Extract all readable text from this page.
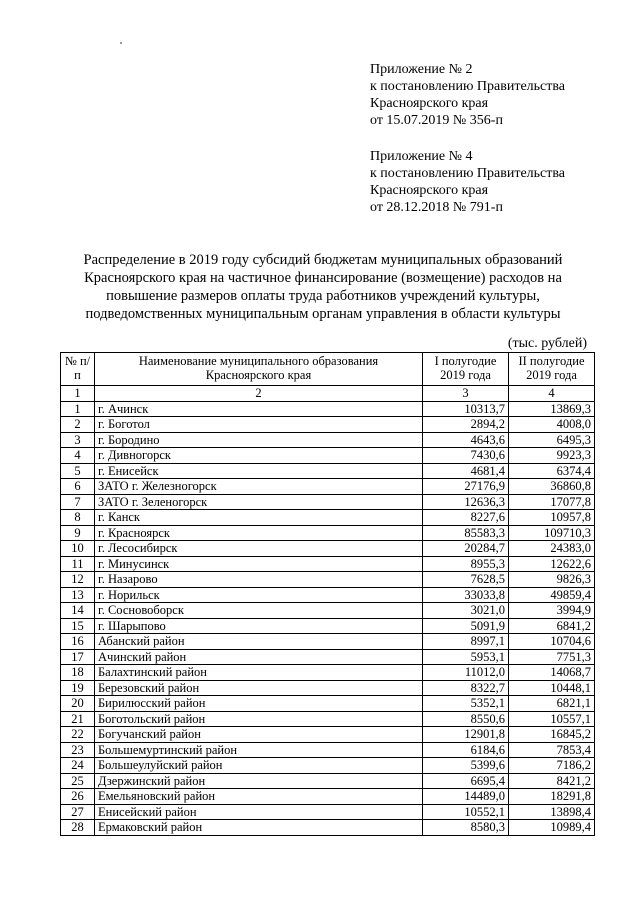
Приложение № 2
к постановлению Правительства
Красноярского края
от 15.07.2019 № 356-п
Приложение № 4
к постановлению Правительства
Красноярского края
от 28.12.2018 № 791-п
Распределение в 2019 году субсидий бюджетам муниципальных образований
Красноярского края на частичное финансирование (возмещение) расходов на
повышение размеров оплаты труда работников учреждений культуры,
подведомственных муниципальным органам управления в области культуры
(тыс. рублей)
№ п/п	Наименование муниципального образования Красноярского края	I полугодие 2019 года	II полугодие 2019 года
1	2	3	4
1	г. Ачинск	10313,7	13869,3
2	г. Боготол	2894,2	4008,0
3	г. Бородино	4643,6	6495,3
4	г. Дивногорск	7430,6	9923,3
5	г. Енисейск	4681,4	6374,4
6	ЗАТО г. Железногорск	27176,9	36860,8
7	ЗАТО г. Зеленогорск	12636,3	17077,8
8	г. Канск	8227,6	10957,8
9	г. Красноярск	85583,3	109710,3
10	г. Лесосибирск	20284,7	24383,0
11	г. Минусинск	8955,3	12622,6
12	г. Назарово	7628,5	9826,3
13	г. Норильск	33033,8	49859,4
14	г. Сосновоборск	3021,0	3994,9
15	г. Шарыпово	5091,9	6841,2
16	Абанский район	8997,1	10704,6
17	Ачинский район	5953,1	7751,3
18	Балахтинский район	11012,0	14068,7
19	Березовский район	8322,7	10448,1
20	Бирилюсский район	5352,1	6821,1
21	Боготольский район	8550,6	10557,1
22	Богучанский район	12901,8	16845,2
23	Большемуртинский район	6184,6	7853,4
24	Большеулуйский район	5399,6	7186,2
25	Дзержинский район	6695,4	8421,2
26	Емельяновский район	14489,0	18291,8
27	Енисейский район	10552,1	13898,4
28	Ермаковский район	8580,3	10989,4
